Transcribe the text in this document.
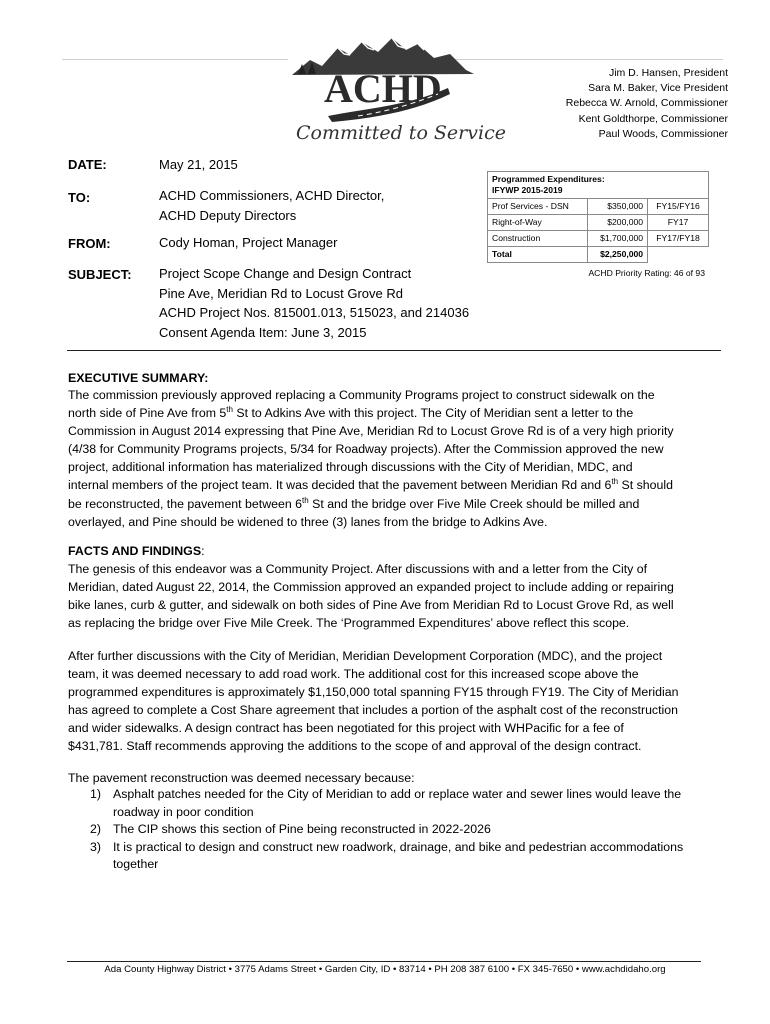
ACHD
Committed to Service
Jim D. Hansen, President
Sara M. Baker, Vice President
Rebecca W. Arnold, Commissioner
Kent Goldthorpe, Commissioner
Paul Woods, Commissioner
DATE:	May 21, 2015
TO:	ACHD Commissioners, ACHD Director,
ACHD Deputy Directors
FROM:	Cody Homan, Project Manager
SUBJECT: Project Scope Change and Design Contract
Pine Ave, Meridian Rd to Locust Grove Rd
ACHD Project Nos. 815001.013, 515023, and 214036
Consent Agenda Item: June 3, 2015
Programmed Expenditures:
IFYWP 2015-2019		

Prof Services - DSN	$350,000	FY15/FY16
Right-of-Way	$200,000	FY17
Construction	$1,700,000	FY17/FY18
Total	$2,250,000	
ACHD Priority Rating: 46 of 93
EXECUTIVE SUMMARY:
The commission previously approved replacing a Community Programs project to construct sidewalk on the
north side of Pine Ave from 5th St to Adkins Ave with this project. The City of Meridian sent a letter to the
Commission in August 2014 expressing that Pine Ave, Meridian Rd to Locust Grove Rd is of a very high priority
(4/38 for Community Programs projects, 5/34 for Roadway projects). After the Commission approved the new
project, additional information has materialized through discussions with the City of Meridian, MDC, and
internal members of the project team. It was decided that the pavement between Meridian Rd and 6th St should
be reconstructed, the pavement between 6th St and the bridge over Five Mile Creek should be milled and
overlayed, and Pine should be widened to three (3) lanes from the bridge to Adkins Ave.
FACTS AND FINDINGS:
The genesis of this endeavor was a Community Project. After discussions with and a letter from the City of
Meridian, dated August 22, 2014, the Commission approved an expanded project to include adding or repairing
bike lanes, curb & gutter, and sidewalk on both sides of Pine Ave from Meridian Rd to Locust Grove Rd, as well
as replacing the bridge over Five Mile Creek. The ‘Programmed Expenditures’ above reflect this scope.
After further discussions with the City of Meridian, Meridian Development Corporation (MDC), and the project
team, it was deemed necessary to add road work. The additional cost for this increased scope above the
programmed expenditures is approximately $1,150,000 total spanning FY15 through FY19. The City of Meridian
has agreed to complete a Cost Share agreement that includes a portion of the asphalt cost of the reconstruction
and wider sidewalks. A design contract has been negotiated for this project with WHPacific for a fee of
$431,781. Staff recommends approving the additions to the scope of and approval of the design contract.
The pavement reconstruction was deemed necessary because:
1) Asphalt patches needed for the City of Meridian to add or replace water and sewer lines would leave the
roadway in poor condition
2) The CIP shows this section of Pine being reconstructed in 2022-2026
3) It is practical to design and construct new roadwork, drainage, and bike and pedestrian accommodations
together
Ada County Highway District • 3775 Adams Street • Garden City, ID • 83714 • PH 208 387 6100 • FX 345-7650 • www.achdidaho.org
